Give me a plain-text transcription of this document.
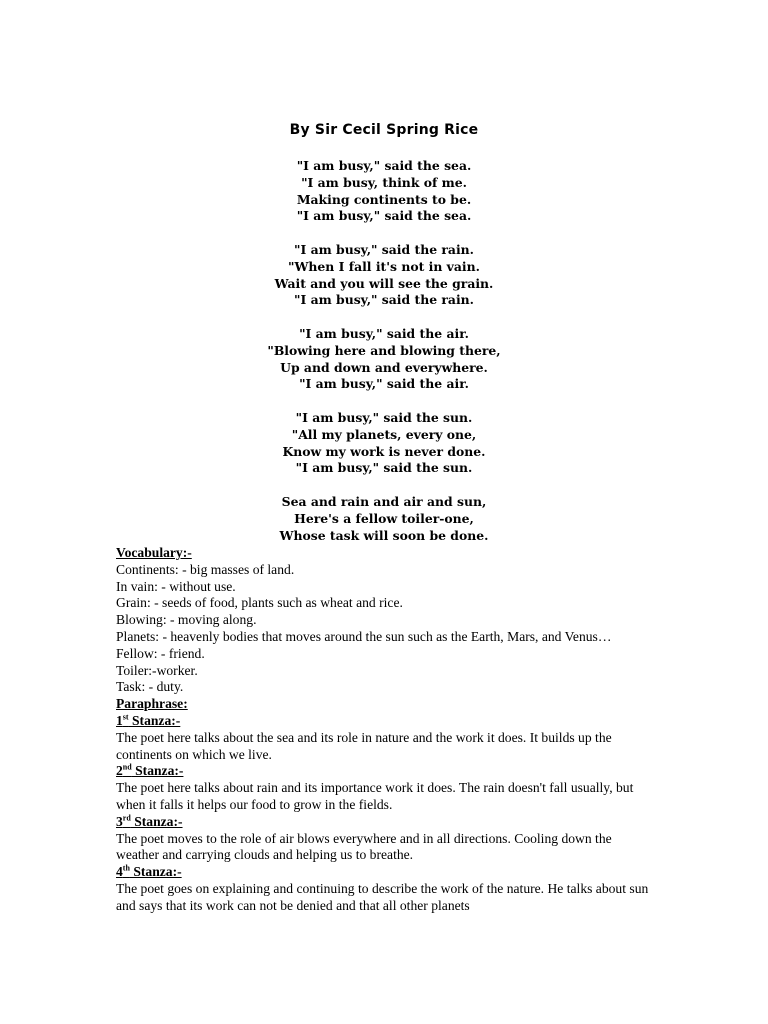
By Sir Cecil Spring Rice
"I am busy," said the sea.
"I am busy, think of me.
Making continents to be.
"I am busy," said the sea.
"I am busy," said the rain.
"When I fall it's not in vain.
Wait and you will see the grain.
"I am busy," said the rain.
"I am busy," said the air.
"Blowing here and blowing there,
Up and down and everywhere.
"I am busy," said the air.
"I am busy," said the sun.
"All my planets, every one,
Know my work is never done.
"I am busy," said the sun.
Sea and rain and air and sun,
Here's a fellow toiler-one,
Whose task will soon be done.
Vocabulary:-
Continents: - big masses of land.
In vain: - without use.
Grain: - seeds of food, plants such as wheat and rice.
Blowing: - moving along.
Planets: - heavenly bodies that moves around the sun such as the Earth, Mars, and Venus…
Fellow: - friend.
Toiler:-worker.
Task: - duty.
Paraphrase:
1st Stanza:-
The poet here talks about the sea and its role in nature and the work it does. It builds up the continents on which we live.
2nd Stanza:-
The poet here talks about rain and its importance work it does. The rain doesn't fall usually, but when it falls it helps our food to grow in the fields.
3rd Stanza:-
The poet moves to the role of air blows everywhere and in all directions. Cooling down the weather and carrying clouds and helping us to breathe.
4th Stanza:-
The poet goes on explaining and continuing to describe the work of the nature. He talks about sun and says that its work can not be denied and that all other planets
